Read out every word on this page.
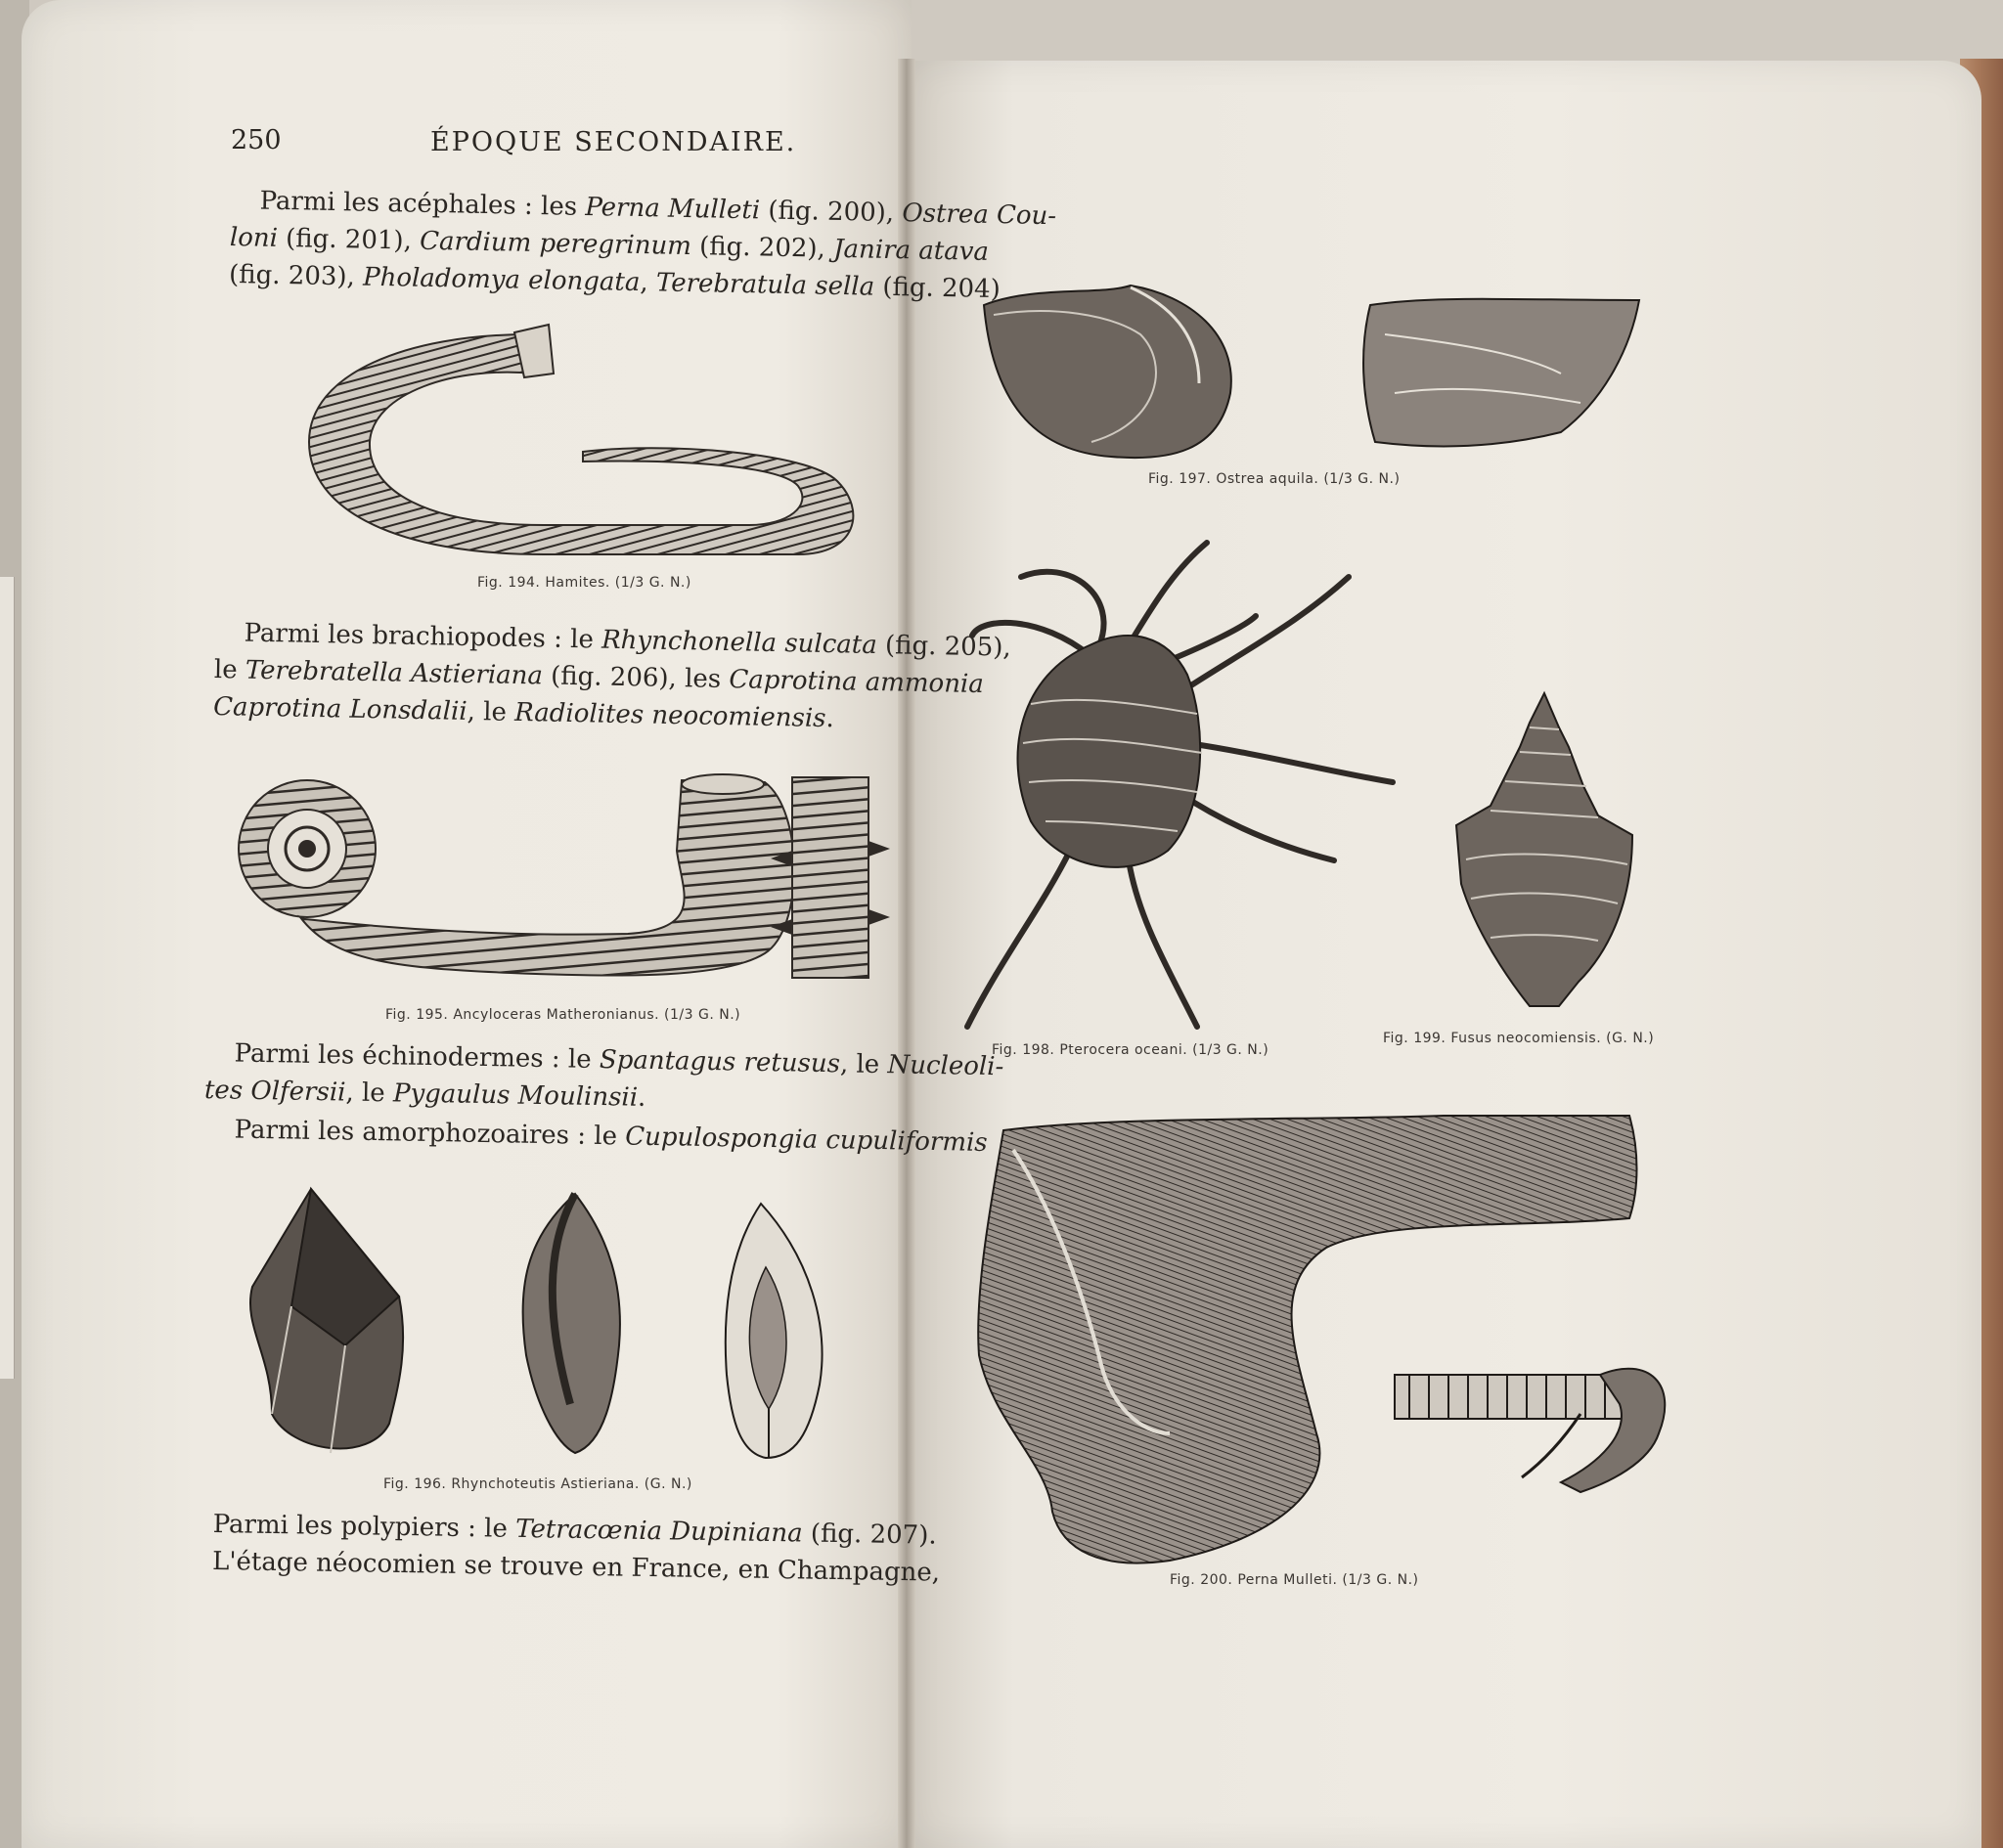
250	ÉPOQUE SECONDAIRE.
Parmi les acéphales : les Perna Mulleti (fig. 200), Ostrea Cou-
loni (fig. 201), Cardium peregrinum (fig. 202), Janira atava
(fig. 203), Pholadomya elongata, Terebratula sella (fig. 204)
Fig. 194. Hamites. (1/3 G. N.)
Parmi les brachiopodes : le Rhynchonella sulcata (fig. 205),
le Terebratella Astieriana (fig. 206), les Caprotina ammonia
Caprotina Lonsdalii, le Radiolites neocomiensis.
Fig. 195. Ancyloceras Matheronianus. (1/3 G. N.)
Parmi les échinodermes : le Spantagus retusus, le Nucleoli-
tes Olfersii, le Pygaulus Moulinsii.
Parmi les amorphozoaires : le Cupulospongia cupuliformis
Fig. 196. Rhynchoteutis Astieriana. (G. N.)
Parmi les polypiers : le Tetracœnia Dupiniana (fig. 207).
L'étage néocomien se trouve en France, en Champagne,
Fig. 197. Ostrea aquila. (1/3 G. N.)
Fig. 198. Pterocera oceani. (1/3 G. N.)
Fig. 199. Fusus neocomiensis. (G. N.)
Fig. 200. Perna Mulleti. (1/3 G. N.)
